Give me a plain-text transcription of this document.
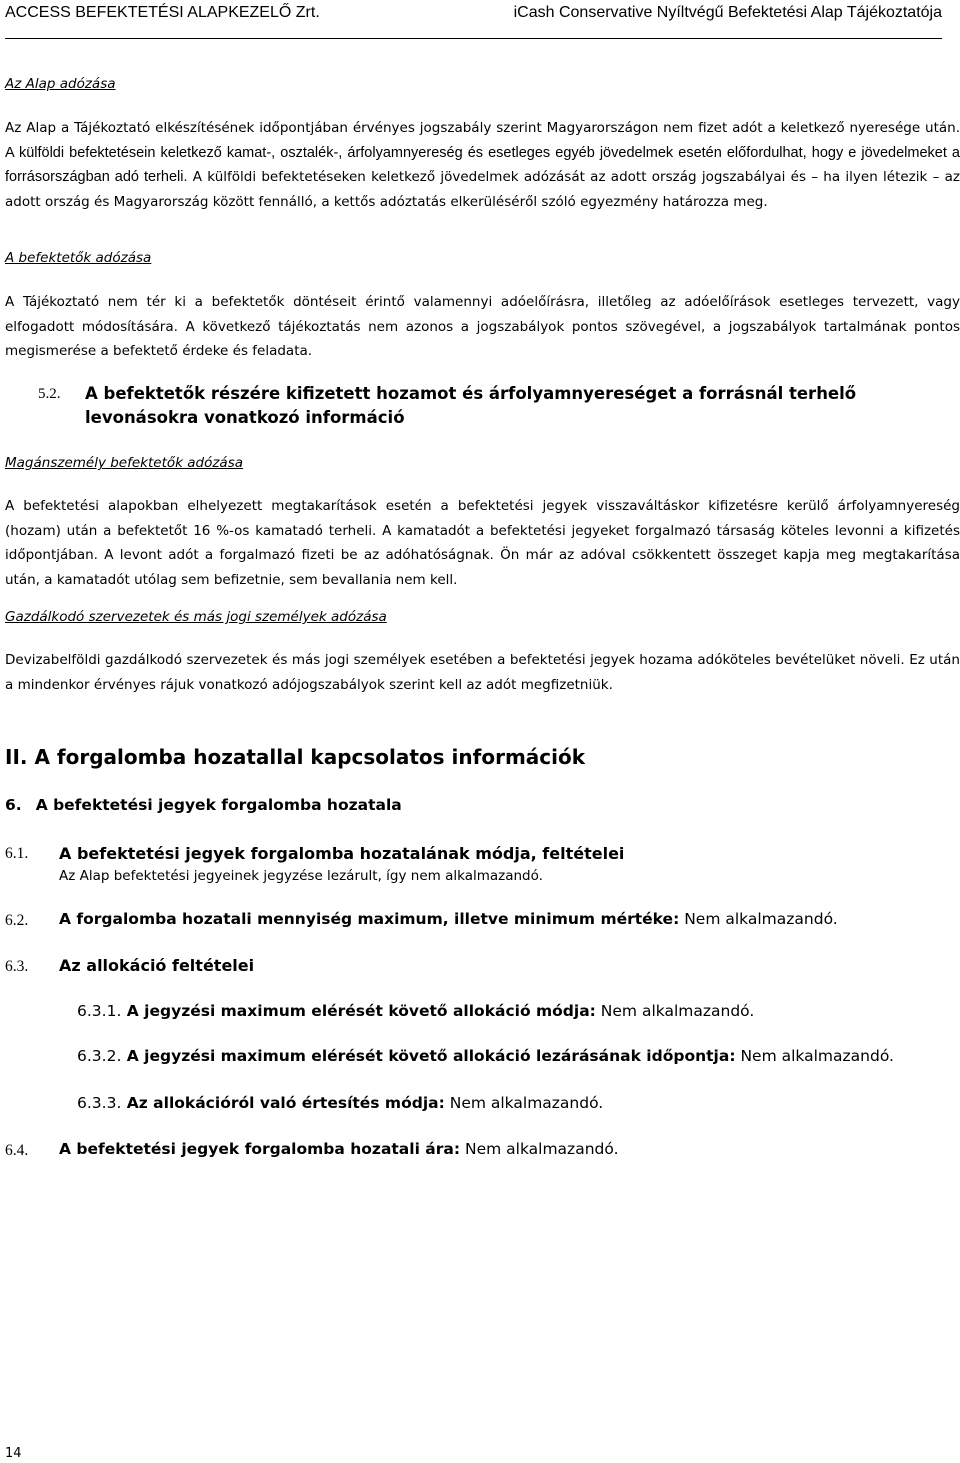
ACCESS BEFEKTETÉSI ALAPKEZELŐ Zrt.	iCash Conservative Nyíltvégű Befektetési Alap Tájékoztatója
Az Alap adózása

Az Alap a Tájékoztató elkészítésének időpontjában érvényes jogszabály szerint Magyarországon nem fizet adót a keletkező nyeresége után. A külföldi befektetésein keletkező kamat-, osztalék-, árfolyamnyereség és esetleges egyéb jövedelmek esetén előfordulhat, hogy e jövedelmeket a forrásországban adó terheli. A külföldi befektetéseken keletkező jövedelmek adózását az adott ország jogszabályai és – ha ilyen létezik – az adott ország és Magyarország között fennálló, a kettős adóztatás elkerüléséről szóló egyezmény határozza meg.

A befektetők adózása

A Tájékoztató nem tér ki a befektetők döntéseit érintő valamennyi adóelőírásra, illetőleg az adóelőírások esetleges tervezett, vagy elfogadott módosítására. A következő tájékoztatás nem azonos a jogszabályok pontos szövegével, a jogszabályok tartalmának pontos megismerése a befektető érdeke és feladata.

5.2.	A befektetők részére kifizetett hozamot és árfolyamnyereséget a forrásnál terhelő levonásokra vonatkozó információ
Magánszemély befektetők adózása

A befektetési alapokban elhelyezett megtakarítások esetén a befektetési jegyek visszaváltáskor kifizetésre kerülő árfolyamnyereség (hozam) után a befektetőt 16 %-os kamatadó terheli. A kamatadót a befektetési jegyeket forgalmazó társaság köteles levonni a kifizetés időpontjában. A levont adót a forgalmazó fizeti be az adóhatóságnak. Ön már az adóval csökkentett összeget kapja meg megtakarítása után, a kamatadót utólag sem befizetnie, sem bevallania nem kell.

Gazdálkodó szervezetek és más jogi személyek adózása

Devizabelföldi gazdálkodó szervezetek és más jogi személyek esetében a befektetési jegyek hozama adóköteles bevételüket növeli. Ez után a mindenkor érvényes rájuk vonatkozó adójogszabályok szerint kell az adót megfizetniük.

II. A forgalomba hozatallal kapcsolatos információk
6. A befektetési jegyek forgalomba hozatala
6.1. A befektetési jegyek forgalomba hozatalának módja, feltételei
Az Alap befektetési jegyeinek jegyzése lezárult, így nem alkalmazandó.
6.2. A forgalomba hozatali mennyiség maximum, illetve minimum mértéke: Nem alkalmazandó.
6.3. Az allokáció feltételei
6.3.1. A jegyzési maximum elérését követő allokáció módja: Nem alkalmazandó.
6.3.2. A jegyzési maximum elérését követő allokáció lezárásának időpontja: Nem alkalmazandó.
6.3.3. Az allokációról való értesítés módja: Nem alkalmazandó.
6.4. A befektetési jegyek forgalomba hozatali ára: Nem alkalmazandó.
14
